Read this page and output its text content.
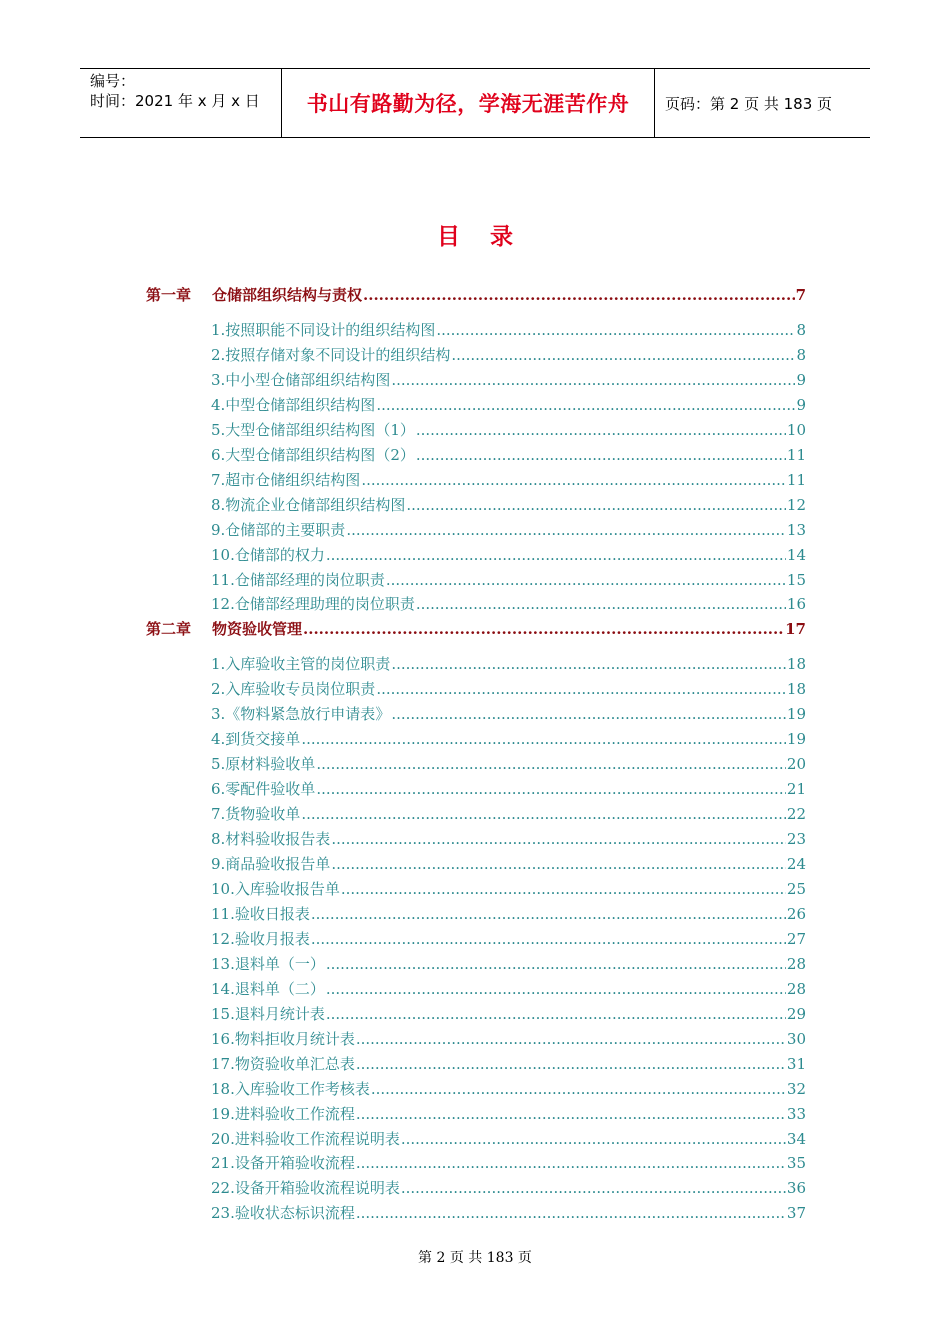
编号：
时间：2021 年 x 月 x 日	书山有路勤为径，学海无涯苦作舟	页码：第 2 页 共 183 页
目录
第一章 仓储部组织结构与责权 .....	7
1.按照职能不同设计的组织结构图 .....	8
2.按照存储对象不同设计的组织结构 .....	8
3.中小型仓储部组织结构图 .....	9
4.中型仓储部组织结构图 .....	9
5.大型仓储部组织结构图（1） .....	10
6.大型仓储部组织结构图（2） .....	11
7.超市仓储组织结构图 .....	11
8.物流企业仓储部组织结构图 .....	12
9.仓储部的主要职责 .....	13
10.仓储部的权力 .....	14
11.仓储部经理的岗位职责 .....	15
12.仓储部经理助理的岗位职责 .....	16
第二章 物资验收管理 .....	17
1.入库验收主管的岗位职责 .....	18
2.入库验收专员岗位职责 .....	18
3.《物料紧急放行申请表》 .....	19
4.到货交接单 .....	19
5.原材料验收单 .....	20
6.零配件验收单 .....	21
7.货物验收单 .....	22
8.材料验收报告表 .....	23
9.商品验收报告单 .....	24
10.入库验收报告单 .....	25
11.验收日报表 .....	26
12.验收月报表 .....	27
13.退料单（一） .....	28
14.退料单（二） .....	28
15.退料月统计表 .....	29
16.物料拒收月统计表 .....	30
17.物资验收单汇总表 .....	31
18.入库验收工作考核表 .....	32
19.进料验收工作流程 .....	33
20.进料验收工作流程说明表 .....	34
21.设备开箱验收流程 .....	35
22.设备开箱验收流程说明表 .....	36
23.验收状态标识流程 .....	37
第 2 页 共 183 页
